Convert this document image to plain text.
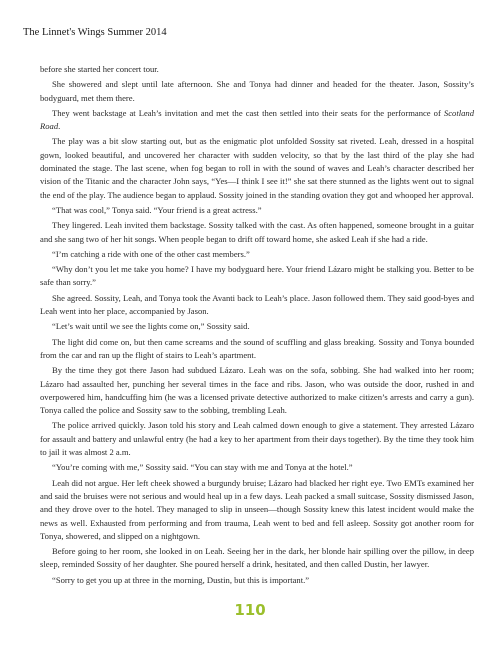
The Linnet's Wings Summer 2014

before she started her concert tour.

She showered and slept until late afternoon. She and Tonya had dinner and headed for the theater. Jason, Sossity’s bodyguard, met them there.

They went backstage at Leah’s invitation and met the cast then settled into their seats for the performance of Scotland Road.

The play was a bit slow starting out, but as the enigmatic plot unfolded Sossity sat riveted. Leah, dressed in a hospital gown, looked beautiful, and uncovered her character with sudden velocity, so that by the last third of the play she had dominated the stage. The last scene, when fog began to roll in with the sound of waves and Leah’s character described her vision of the Titanic and the character John says, “Yes—I think I see it!” she sat there stunned as the lights went out to signal the end of the play. The audience began to applaud. Sossity joined in the standing ovation they got and whooped her approval.

“That was cool,” Tonya said. “Your friend is a great actress.”

They lingered. Leah invited them backstage. Sossity talked with the cast. As often happened, someone brought in a guitar and she sang two of her hit songs. When people began to drift off toward home, she asked Leah if she had a ride.

“I’m catching a ride with one of the other cast members.”

“Why don’t you let me take you home? I have my bodyguard here. Your friend Lázaro might be stalking you. Better to be safe than sorry.”

She agreed. Sossity, Leah, and Tonya took the Avanti back to Leah’s place. Jason followed them. They said good-byes and Leah went into her place, accompanied by Jason.

“Let’s wait until we see the lights come on,” Sossity said.

The light did come on, but then came screams and the sound of scuffling and glass breaking. Sossity and Tonya bounded from the car and ran up the flight of stairs to Leah’s apartment.

By the time they got there Jason had subdued Lázaro. Leah was on the sofa, sobbing. She had walked into her room; Lázaro had assaulted her, punching her several times in the face and ribs. Jason, who was outside the door, rushed in and overpowered him, handcuffing him (he was a licensed private detective authorized to make citizen’s arrests and carry a gun). Tonya called the police and Sossity saw to the sobbing, trembling Leah.

The police arrived quickly. Jason told his story and Leah calmed down enough to give a statement. They arrested Lázaro for assault and battery and unlawful entry (he had a key to her apartment from their days together). By the time they took him to jail it was almost 2 a.m.

“You’re coming with me,” Sossity said. “You can stay with me and Tonya at the hotel.”

Leah did not argue. Her left cheek showed a burgundy bruise; Lázaro had blacked her right eye. Two EMTs examined her and said the bruises were not serious and would heal up in a few days. Leah packed a small suitcase, Sossity dismissed Jason, and they drove over to the hotel. They managed to slip in unseen—though Sossity knew this latest incident would make the news as well. Exhausted from performing and from trauma, Leah went to bed and fell asleep. Sossity got another room for Tonya, showered, and slipped on a nightgown.

Before going to her room, she looked in on Leah. Seeing her in the dark, her blonde hair spilling over the pillow, in deep sleep, reminded Sossity of her daughter. She poured herself a drink, hesitated, and then called Dustin, her lawyer.

“Sorry to get you up at three in the morning, Dustin, but this is important.”

110
